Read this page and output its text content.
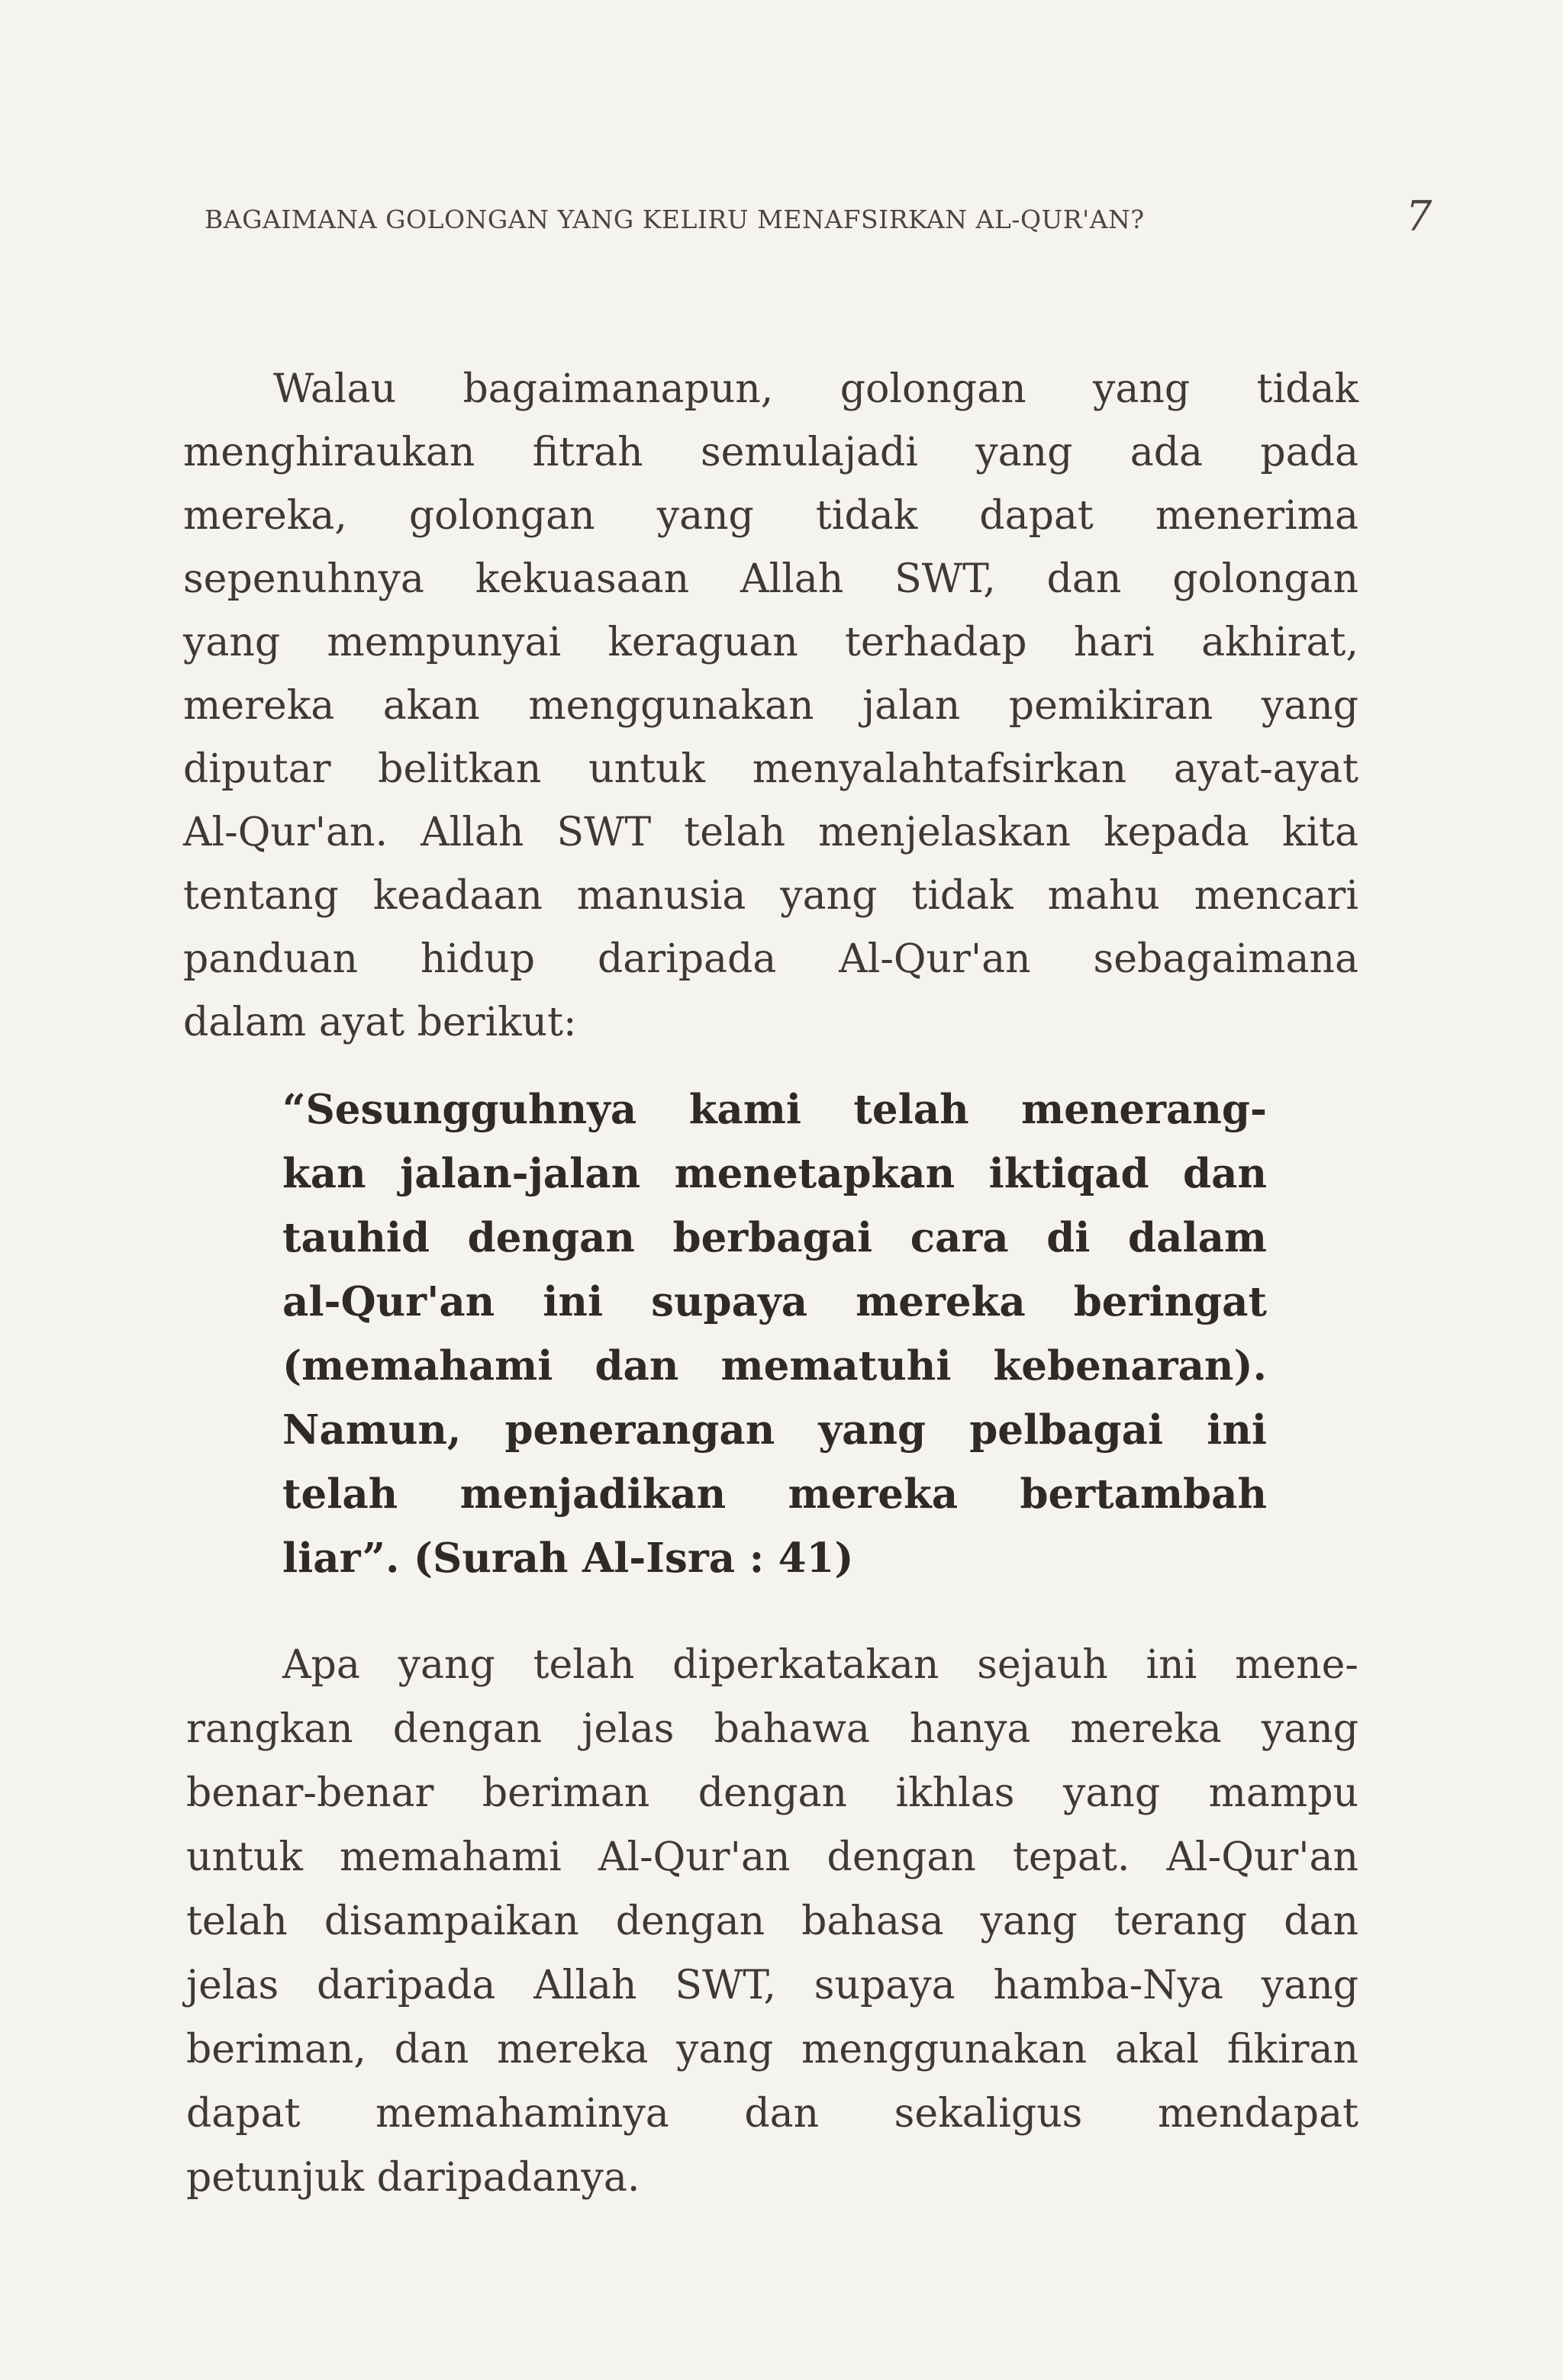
BAGAIMANA GOLONGAN YANG KELIRU MENAFSIRKAN AL-QUR'AN?	7
Walau bagaimanapun, golongan yang tidak
menghiraukan fitrah semulajadi yang ada pada
mereka, golongan yang tidak dapat menerima
sepenuhnya kekuasaan Allah SWT, dan golongan
yang mempunyai keraguan terhadap hari akhirat,
mereka akan menggunakan jalan pemikiran yang
diputar belitkan untuk menyalahtafsirkan ayat-ayat
Al-Qur'an. Allah SWT telah menjelaskan kepada kita
tentang keadaan manusia yang tidak mahu mencari
panduan hidup daripada Al-Qur'an sebagaimana
dalam ayat berikut:
“Sesungguhnya kami telah menerang-
kan jalan-jalan menetapkan iktiqad dan
tauhid dengan berbagai cara di dalam
al-Qur'an ini supaya mereka beringat
(memahami dan mematuhi kebenaran).
Namun, penerangan yang pelbagai ini
telah menjadikan mereka bertambah
liar”. (Surah Al-Isra : 41)
Apa yang telah diperkatakan sejauh ini mene-
rangkan dengan jelas bahawa hanya mereka yang
benar-benar beriman dengan ikhlas yang mampu
untuk memahami Al-Qur'an dengan tepat. Al-Qur'an
telah disampaikan dengan bahasa yang terang dan
jelas daripada Allah SWT, supaya hamba-Nya yang
beriman, dan mereka yang menggunakan akal fikiran
dapat memahaminya dan sekaligus mendapat
petunjuk daripadanya.
